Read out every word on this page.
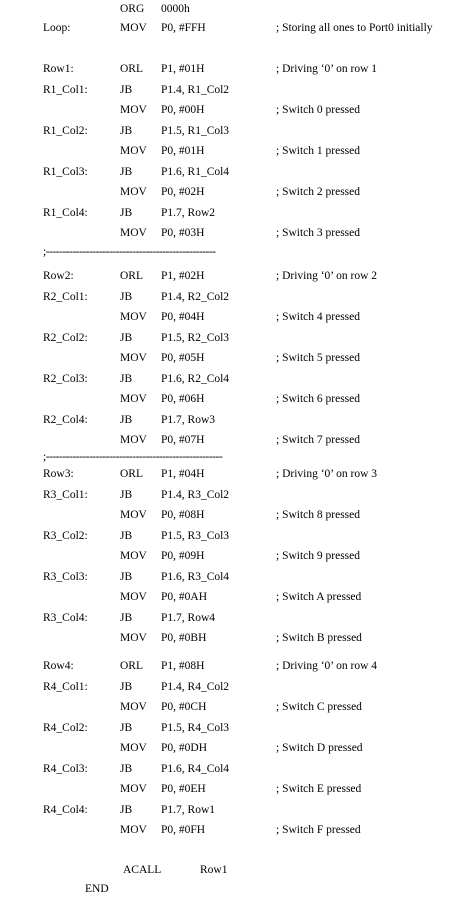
ORG 0000h
Loop:	MOV P0, #FFH	; Storing all ones to Port0 initially
Row1:	ORL P1, #01H	; Driving ‘0’ on row 1
R1_Col1:	JB	P1.4, R1_Col2
MOV P0, #00H	; Switch 0 pressed
R1_Col2:	JB	P1.5, R1_Col3
MOV P0, #01H	; Switch 1 pressed
R1_Col3:	JB	P1.6, R1_Col4
MOV P0, #02H	; Switch 2 pressed
R1_Col4:	JB	P1.7, Row2
MOV P0, #03H	; Switch 3 pressed
Row2:	ORL P1, #02H	; Driving ‘0’ on row 2
R2_Col1:	JB	P1.4, R2_Col2
MOV P0, #04H	; Switch 4 pressed
R2_Col2:	JB	P1.5, R2_Col3
MOV P0, #05H	; Switch 5 pressed
R2_Col3:	JB	P1.6, R2_Col4
MOV P0, #06H	; Switch 6 pressed
R2_Col4:	JB	P1.7, Row3
MOV P0, #07H	; Switch 7 pressed
Row3:	ORL P1, #04H	; Driving ‘0’ on row 3
R3_Col1:	JB	P1.4, R3_Col2
MOV P0, #08H	; Switch 8 pressed
R3_Col2:	JB	P1.5, R3_Col3
MOV P0, #09H	; Switch 9 pressed
R3_Col3:	JB	P1.6, R3_Col4
MOV P0, #0AH	; Switch A pressed
R3_Col4:	JB	P1.7, Row4
MOV P0, #0BH	; Switch B pressed
Row4:	ORL P1, #08H	; Driving ‘0’ on row 4
R4_Col1:	JB	P1.4, R4_Col2
MOV P0, #0CH	; Switch C pressed
R4_Col2:	JB	P1.5, R4_Col3
MOV P0, #0DH	; Switch D pressed
R4_Col3:	JB	P1.6, R4_Col4
MOV P0, #0EH	; Switch E pressed
R4_Col4:	JB	P1.7, Row1
MOV P0, #0FH	; Switch F pressed
;---------------------------------------------------
;-----------------------------------------------------
ACALL	Row1
END
